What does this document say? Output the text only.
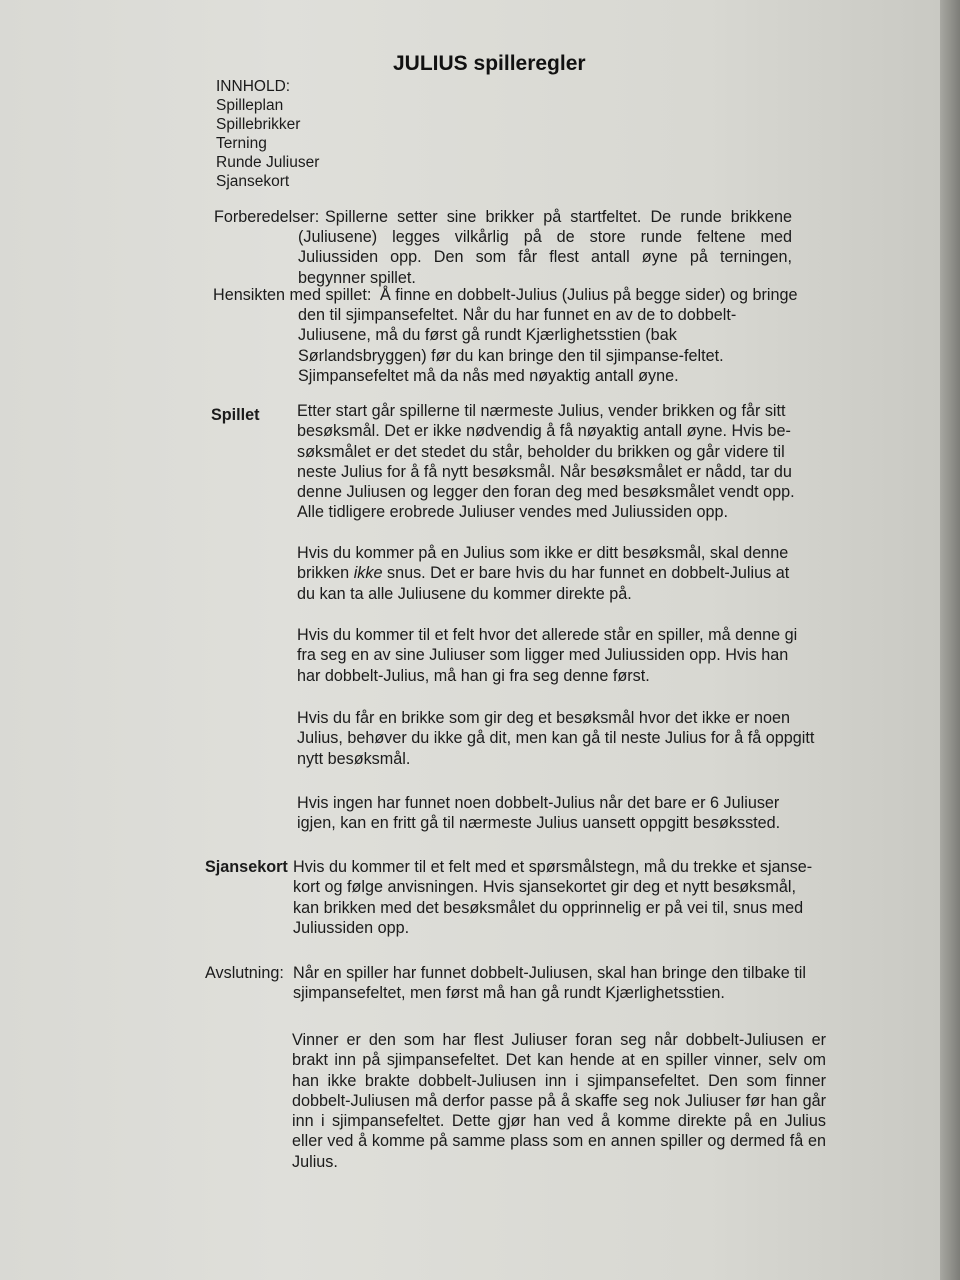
JULIUS spilleregler
INNHOLD:
Spilleplan
Spillebrikker
Terning
Runde Juliuser
Sjansekort
Forberedelser: Spillerne setter sine brikker på startfeltet. De runde brikkene

(Juliusene) legges vilkårlig på de store runde feltene med Juliussiden opp. Den som får flest antall øyne på terningen, begynner spillet.

Hensikten med spillet: Å finne en dobbelt-Julius (Julius på begge sider) og bringe

den til sjimpansefeltet. Når du har funnet en av de to dobbelt-Juliusene, må du først gå rundt Kjærlighetsstien (bak Sørlandsbryggen) før du kan bringe den til sjimpanse-feltet. Sjimpansefeltet må da nås med nøyaktig antall øyne.

Spillet Etter start går spillerne til nærmeste Julius, vender brikken og får sitt besøksmål. Det er ikke nødvendig å få nøyaktig antall øyne. Hvis be-søksmålet er det stedet du står, beholder du brikken og går videre til neste Julius for å få nytt besøksmål. Når besøksmålet er nådd, tar du denne Juliusen og legger den foran deg med besøksmålet vendt opp. Alle tidligere erobrede Juliuser vendes med Juliussiden opp.

Hvis du kommer på en Julius som ikke er ditt besøksmål, skal denne brikken ikke snus. Det er bare hvis du har funnet en dobbelt-Julius at du kan ta alle Juliusene du kommer direkte på.

Hvis du kommer til et felt hvor det allerede står en spiller, må denne gi fra seg en av sine Juliuser som ligger med Juliussiden opp. Hvis han har dobbelt-Julius, må han gi fra seg denne først.

Hvis du får en brikke som gir deg et besøksmål hvor det ikke er noen Julius, behøver du ikke gå dit, men kan gå til neste Julius for å få oppgitt nytt besøksmål.

Hvis ingen har funnet noen dobbelt-Julius når det bare er 6 Juliuser igjen, kan en fritt gå til nærmeste Julius uansett oppgitt besøkssted.

Sjansekort Hvis du kommer til et felt med et spørsmålstegn, må du trekke et sjanse-kort og følge anvisningen. Hvis sjansekortet gir deg et nytt besøksmål, kan brikken med det besøksmålet du opprinnelig er på vei til, snus med Juliussiden opp.

Avslutning: Når en spiller har funnet dobbelt-Juliusen, skal han bringe den tilbake til sjimpansefeltet, men først må han gå rundt Kjærlighetsstien.

Vinner er den som har flest Juliuser foran seg når dobbelt-Juliusen er brakt inn på sjimpansefeltet. Det kan hende at en spiller vinner, selv om han ikke brakte dobbelt-Juliusen inn i sjimpansefeltet. Den som finner dobbelt-Juliusen må derfor passe på å skaffe seg nok Juliuser før han går inn i sjimpansefeltet. Dette gjør han ved å komme direkte på en Julius eller ved å komme på samme plass som en annen spiller og dermed få en Julius.
